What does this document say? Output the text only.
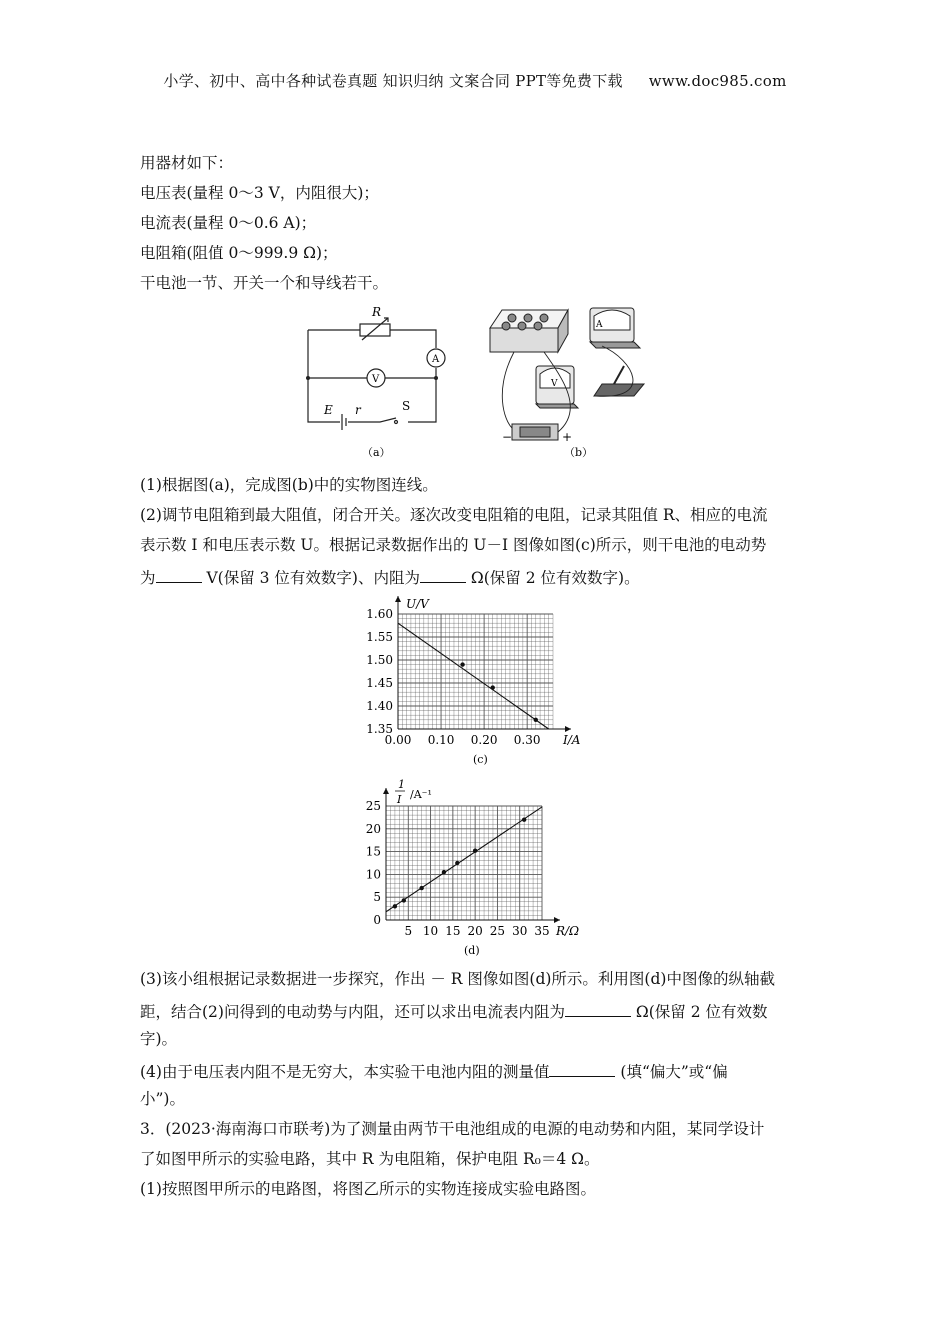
小学、初中、高中各种试卷真题 知识归纳 文案合同 PPT等免费下载 www.doc985.com
用器材如下：
电压表(量程 0～3 V，内阻很大)；
电流表(量程 0～0.6 A)；
电阻箱(阻值 0～999.9 Ω)；
干电池一节、开关一个和导线若干。
R
A
V
E r	S
（a）
A
V
−	+
（b）
(1)根据图(a)，完成图(b)中的实物图连线。
(2)调节电阻箱到最大阻值，闭合开关。逐次改变电阻箱的电阻，记录其阻值 R、相应的电流
表示数 I 和电压表示数 U。根据记录数据作出的 U－I 图像如图(c)所示，则干电池的电动势
为	V(保留 3 位有效数字)、内阻为	Ω(保留 2 位有效数字)。
0.00 0.10 0.20 0.30
1.35
1.40
1.45
1.50
1.55
1.60
U/V
I/A
(c)
5 10 15 20 25 30 35
0
5
10
15
20
25
1
I /A⁻¹
R/Ω
(d)
(3)该小组根据记录数据进一步探究，作出 － R 图像如图(d)所示。利用图(d)中图像的纵轴截
距，结合(2)问得到的电动势与内阻，还可以求出电流表内阻为	Ω(保留 2 位有效数
字)。
(4)由于电压表内阻不是无穷大，本实验干电池内阻的测量值	(填“偏大”或“偏
小”)。
3．(2023·海南海口市联考)为了测量由两节干电池组成的电源的电动势和内阻，某同学设计
了如图甲所示的实验电路，其中 R 为电阻箱，保护电阻 R₀＝4 Ω。
(1)按照图甲所示的电路图，将图乙所示的实物连接成实验电路图。
